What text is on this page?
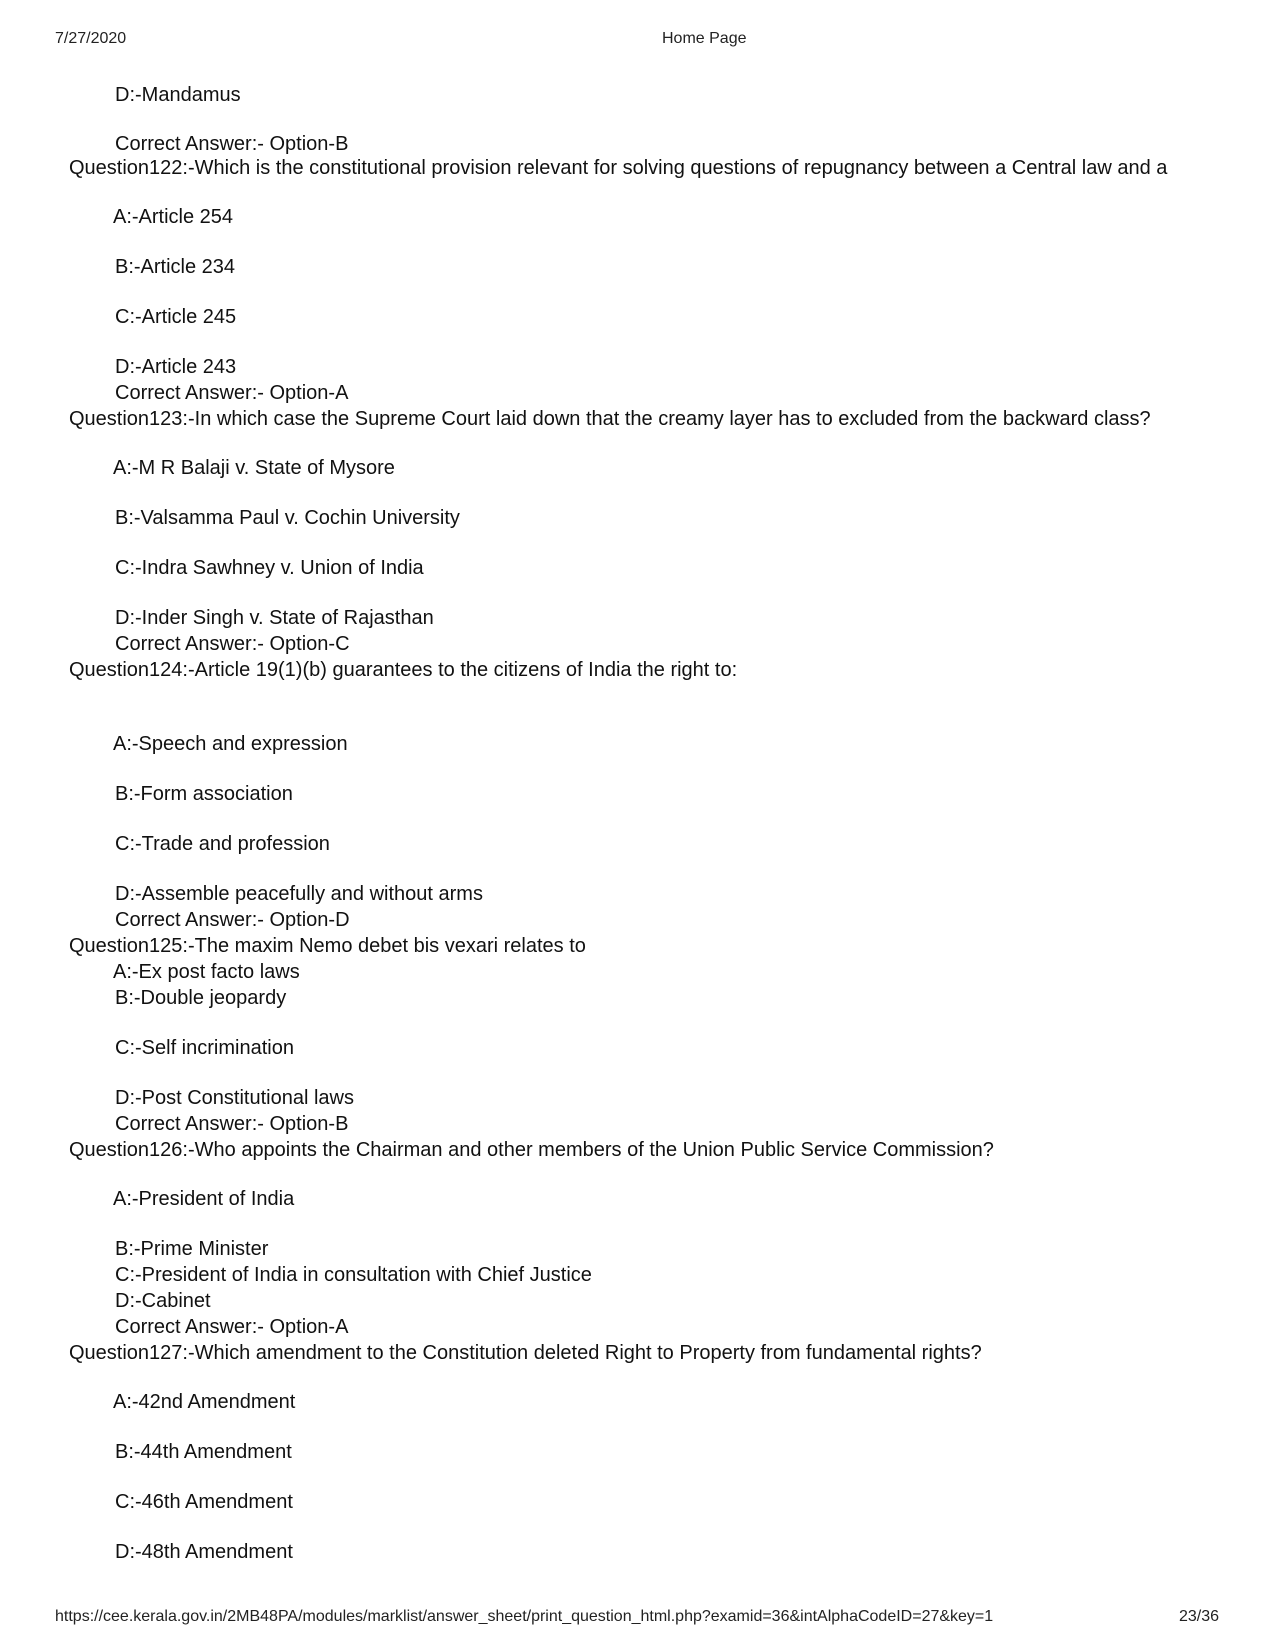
7/27/2020	Home Page
D:-Mandamus
Correct Answer:- Option-B
Question122:-Which is the constitutional provision relevant for solving questions of repugnancy between a Central law and a
A:-Article 254
B:-Article 234
C:-Article 245
D:-Article 243
Correct Answer:- Option-A
Question123:-In which case the Supreme Court laid down that the creamy layer has to excluded from the backward class?
A:-M R Balaji v. State of Mysore
B:-Valsamma Paul v. Cochin University
C:-Indra Sawhney v. Union of India
D:-Inder Singh v. State of Rajasthan
Correct Answer:- Option-C
Question124:-Article 19(1)(b) guarantees to the citizens of India the right to:
A:-Speech and expression
B:-Form association
C:-Trade and profession
D:-Assemble peacefully and without arms
Correct Answer:- Option-D
Question125:-The maxim Nemo debet bis vexari relates to
A:-Ex post facto laws
B:-Double jeopardy
C:-Self incrimination
D:-Post Constitutional laws
Correct Answer:- Option-B
Question126:-Who appoints the Chairman and other members of the Union Public Service Commission?
A:-President of India
B:-Prime Minister
C:-President of India in consultation with Chief Justice
D:-Cabinet
Correct Answer:- Option-A
Question127:-Which amendment to the Constitution deleted Right to Property from fundamental rights?
A:-42nd Amendment
B:-44th Amendment
C:-46th Amendment
D:-48th Amendment
https://cee.kerala.gov.in/2MB48PA/modules/marklist/answer_sheet/print_question_html.php?examid=36&intAlphaCodeID=27&key=1	23/36
